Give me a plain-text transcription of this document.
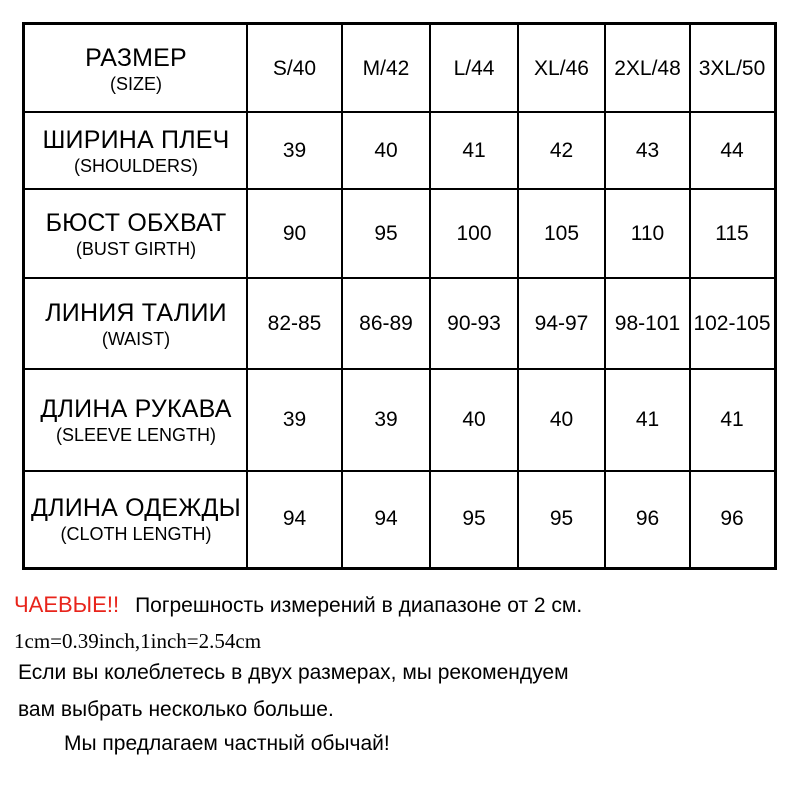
РАЗМЕР
(SIZE)
S/40 M/42 L/44 XL/46 2XL/48 3XL/50
ШИРИНА ПЛЕЧ
(SHOULDERS)
39	40	41	42	43	44
БЮСТ ОБХВАТ
(BUST GIRTH)
90	95	100 105 110 115
ЛИНИЯ ТАЛИИ
(WAIST)
82-85 86-89 90-93 94-97 98-101 102-105
ДЛИНА РУКАВА
(SLEEVE LENGTH)
39	39	40	40	41	41
ДЛИНА ОДЕЖДЫ
(CLOTH LENGTH)
94	94	95	95	96	96
ЧАЕВЫЕ!! Погрешность измерений в диапазоне от 2 см.
1cm=0.39inch,1inch=2.54cm
Если вы колеблетесь в двух размерах, мы рекомендуем
вам выбрать несколько больше.
Мы предлагаем частный обычай!
